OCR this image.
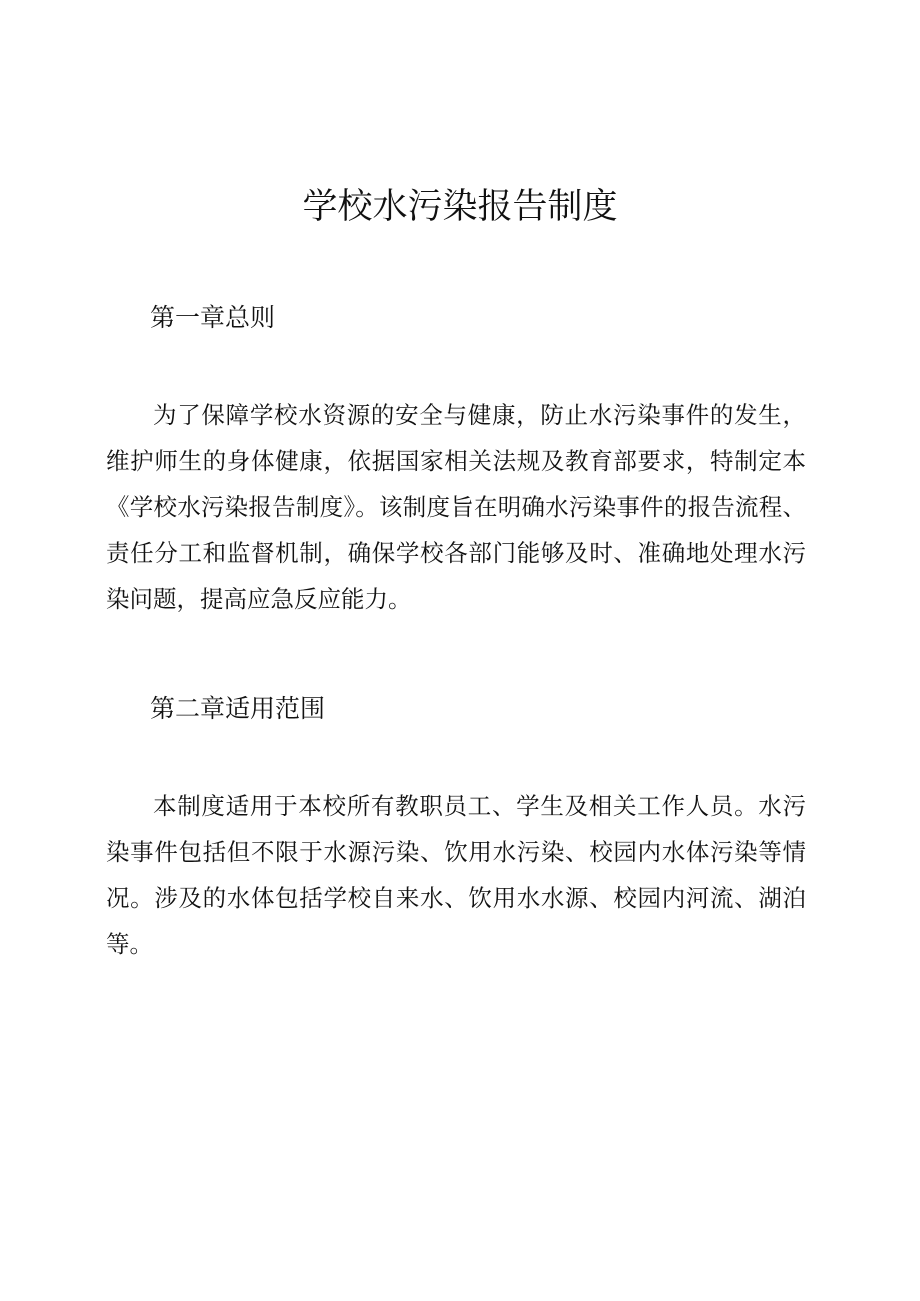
学校水污染报告制度
第一章总则

为了保障学校水资源的安全与健康，防止水污染事件的发生，维护师生的身体健康，依据国家相关法规及教育部要求，特制定本《学校水污染报告制度》。该制度旨在明确水污染事件的报告流程、责任分工和监督机制，确保学校各部门能够及时、准确地处理水污染问题，提高应急反应能力。

第二章适用范围

本制度适用于本校所有教职员工、学生及相关工作人员。水污染事件包括但不限于水源污染、饮用水污染、校园内水体污染等情况。涉及的水体包括学校自来水、饮用水水源、校园内河流、湖泊等。
